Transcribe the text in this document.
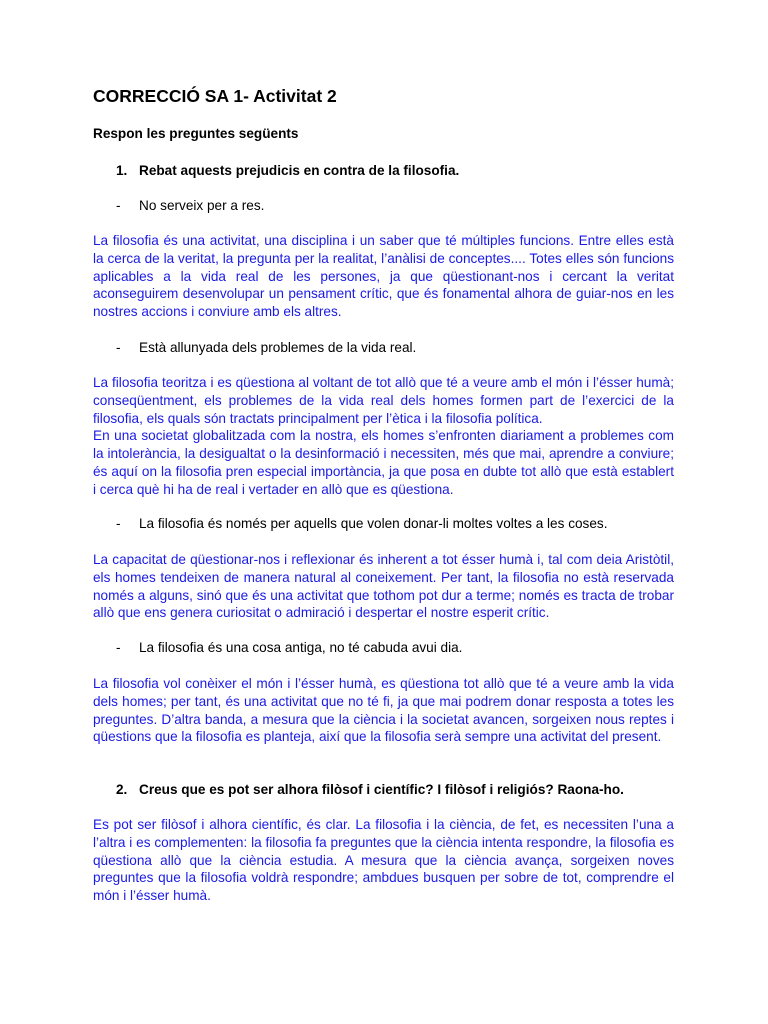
CORRECCIÓ SA 1- Activitat 2
Respon les preguntes següents
1. Rebat aquests prejudicis en contra de la filosofia.
- No serveix per a res.

La filosofia és una activitat, una disciplina i un saber que té múltiples funcions. Entre elles està la cerca de la veritat, la pregunta per la realitat, l’anàlisi de conceptes.... Totes elles són funcions aplicables a la vida real de les persones, ja que qüestionant-nos i cercant la veritat aconseguirem desenvolupar un pensament crític, que és fonamental alhora de guiar-nos en les nostres accions i conviure amb els altres.

- Està allunyada dels problemes de la vida real.

La filosofia teoritza i es qüestiona al voltant de tot allò que té a veure amb el món i l’ésser humà; conseqüentment, els problemes de la vida real dels homes formen part de l’exercici de la filosofia, els quals són tractats principalment per l’ètica i la filosofia política.

En una societat globalitzada com la nostra, els homes s’enfronten diariament a problemes com la intolerància, la desigualtat o la desinformació i necessiten, més que mai, aprendre a conviure; és aquí on la filosofia pren especial importància, ja que posa en dubte tot allò que està establert i cerca què hi ha de real i vertader en allò que es qüestiona.

- La filosofia és només per aquells que volen donar-li moltes voltes a les coses.

La capacitat de qüestionar-nos i reflexionar és inherent a tot ésser humà i, tal com deia Aristòtil, els homes tendeixen de manera natural al coneixement. Per tant, la filosofia no està reservada només a alguns, sinó que és una activitat que tothom pot dur a terme; només es tracta de trobar allò que ens genera curiositat o admiració i despertar el nostre esperit crític.

- La filosofia és una cosa antiga, no té cabuda avui dia.

La filosofia vol conèixer el món i l’ésser humà, es qüestiona tot allò que té a veure amb la vida dels homes; per tant, és una activitat que no té fi, ja que mai podrem donar resposta a totes les preguntes. D’altra banda, a mesura que la ciència i la societat avancen, sorgeixen nous reptes i qüestions que la filosofia es planteja, així que la filosofia serà sempre una activitat del present.

2. Creus que es pot ser alhora filòsof i científic? I filòsof i religiós? Raona-ho.

Es pot ser filòsof i alhora científic, és clar. La filosofia i la ciència, de fet, es necessiten l’una a l’altra i es complementen: la filosofia fa preguntes que la ciència intenta respondre, la filosofia es qüestiona allò que la ciència estudia. A mesura que la ciència avança, sorgeixen noves preguntes que la filosofia voldrà respondre; ambdues busquen per sobre de tot, comprendre el món i l’ésser humà.
